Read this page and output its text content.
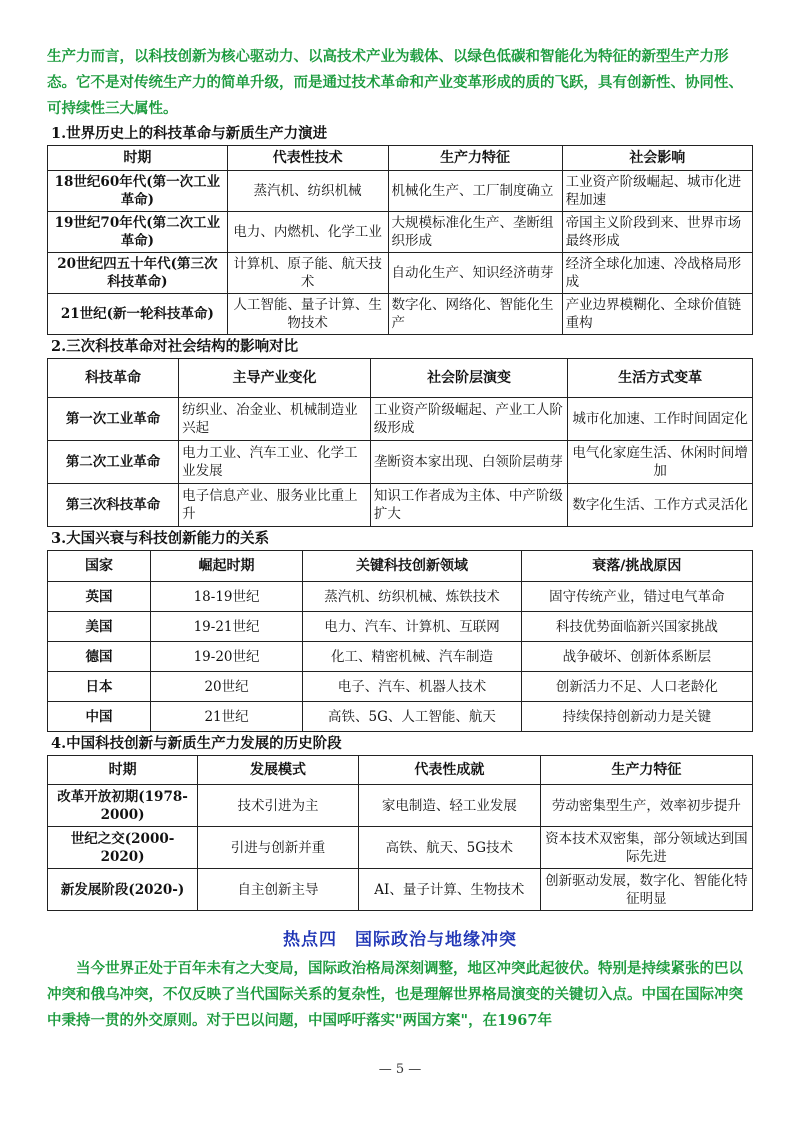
生产力而言，以科技创新为核心驱动力、以高技术产业为载体、以绿色低碳和智能化为特征的新型生产力形态。它不是对传统生产力的简单升级，而是通过技术革命和产业变革形成的质的飞跃，具有创新性、协同性、可持续性三大属性。

1.世界历史上的科技革命与新质生产力演进
时期	代表性技术	生产力特征	社会影响
18世纪60年代(第一次工业革命)	蒸汽机、纺织机械	机械化生产、工厂制度确立	工业资产阶级崛起、城市化进程加速
19世纪70年代(第二次工业革命)	电力、内燃机、化学工业	大规模标准化生产、垄断组织形成	帝国主义阶段到来、世界市场最终形成
20世纪四五十年代(第三次科技革命)	计算机、原子能、航天技术	自动化生产、知识经济萌芽	经济全球化加速、冷战格局形成
21世纪(新一轮科技革命)	人工智能、量子计算、生物技术	数字化、网络化、智能化生产	产业边界模糊化、全球价值链重构
2.三次科技革命对社会结构的影响对比
科技革命	主导产业变化	社会阶层演变	生活方式变革
第一次工业革命	纺织业、冶金业、机械制造业兴起	工业资产阶级崛起、产业工人阶级形成	城市化加速、工作时间固定化
第二次工业革命	电力工业、汽车工业、化学工业发展	垄断资本家出现、白领阶层萌芽	电气化家庭生活、休闲时间增加
第三次科技革命	电子信息产业、服务业比重上升	知识工作者成为主体、中产阶级扩大	数字化生活、工作方式灵活化
3.大国兴衰与科技创新能力的关系
国家	崛起时期	关键科技创新领域	衰落/挑战原因
英国	18-19世纪	蒸汽机、纺织机械、炼铁技术	固守传统产业，错过电气革命
美国	19-21世纪	电力、汽车、计算机、互联网	科技优势面临新兴国家挑战
德国	19-20世纪	化工、精密机械、汽车制造	战争破坏、创新体系断层
日本	20世纪	电子、汽车、机器人技术	创新活力不足、人口老龄化
中国	21世纪	高铁、5G、人工智能、航天	持续保持创新动力是关键
4.中国科技创新与新质生产力发展的历史阶段
时期	发展模式	代表性成就	生产力特征
改革开放初期(1978-2000)	技术引进为主	家电制造、轻工业发展	劳动密集型生产，效率初步提升
世纪之交(2000-2020)	引进与创新并重	高铁、航天、5G技术	资本技术双密集，部分领域达到国际先进
新发展阶段(2020-)	自主创新主导	AI、量子计算、生物技术	创新驱动发展，数字化、智能化特征明显
热点四 国际政治与地缘冲突

当今世界正处于百年未有之大变局，国际政治格局深刻调整，地区冲突此起彼伏。特别是持续紧张的巴以冲突和俄乌冲突，不仅反映了当代国际关系的复杂性，也是理解世界格局演变的关键切入点。中国在国际冲突中秉持一贯的外交原则。对于巴以问题，中国呼吁落实"两国方案"，在1967年

— 5 —
